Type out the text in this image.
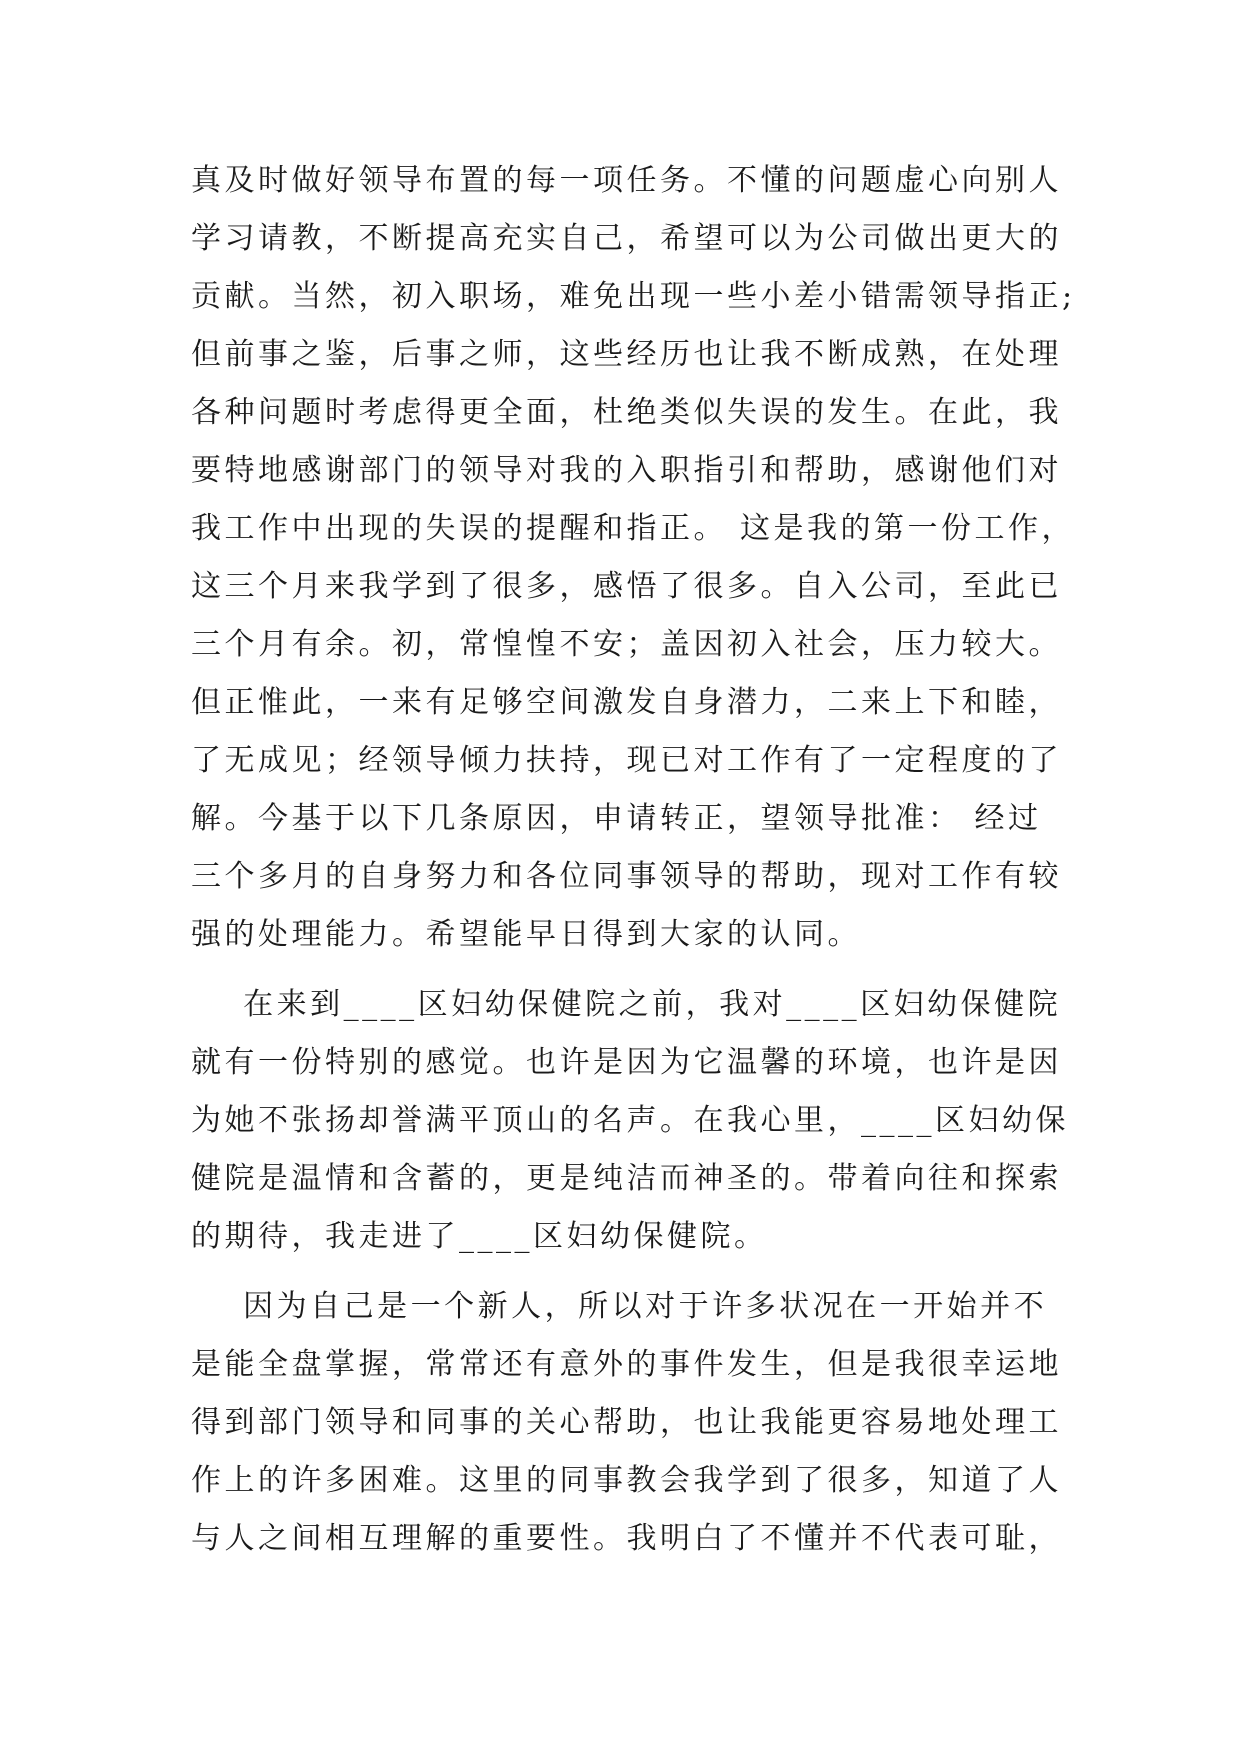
真及时做好领导布置的每一项任务。不懂的问题虚心向别人
学习请教，不断提高充实自己，希望可以为公司做出更大的
贡献。当然，初入职场，难免出现一些小差小错需领导指正;
但前事之鉴，后事之师，这些经历也让我不断成熟，在处理
各种问题时考虑得更全面，杜绝类似失误的发生。在此，我
要特地感谢部门的领导对我的入职指引和帮助，感谢他们对
我工作中出现的失误的提醒和指正。 这是我的第一份工作，
这三个月来我学到了很多，感悟了很多。自入公司，至此已
三个月有余。初，常惶惶不安；盖因初入社会，压力较大。
但正惟此，一来有足够空间激发自身潜力，二来上下和睦，
了无成见；经领导倾力扶持，现已对工作有了一定程度的了
解。今基于以下几条原因，申请转正，望领导批准： 经过
三个多月的自身努力和各位同事领导的帮助，现对工作有较
强的处理能力。希望能早日得到大家的认同。
在来到____区妇幼保健院之前，我对____区妇幼保健院
就有一份特别的感觉。也许是因为它温馨的环境，也许是因
为她不张扬却誉满平顶山的名声。在我心里，____区妇幼保
健院是温情和含蓄的，更是纯洁而神圣的。带着向往和探索
的期待，我走进了____区妇幼保健院。
因为自己是一个新人，所以对于许多状况在一开始并不
是能全盘掌握，常常还有意外的事件发生，但是我很幸运地
得到部门领导和同事的关心帮助，也让我能更容易地处理工
作上的许多困难。这里的同事教会我学到了很多，知道了人
与人之间相互理解的重要性。我明白了不懂并不代表可耻，
